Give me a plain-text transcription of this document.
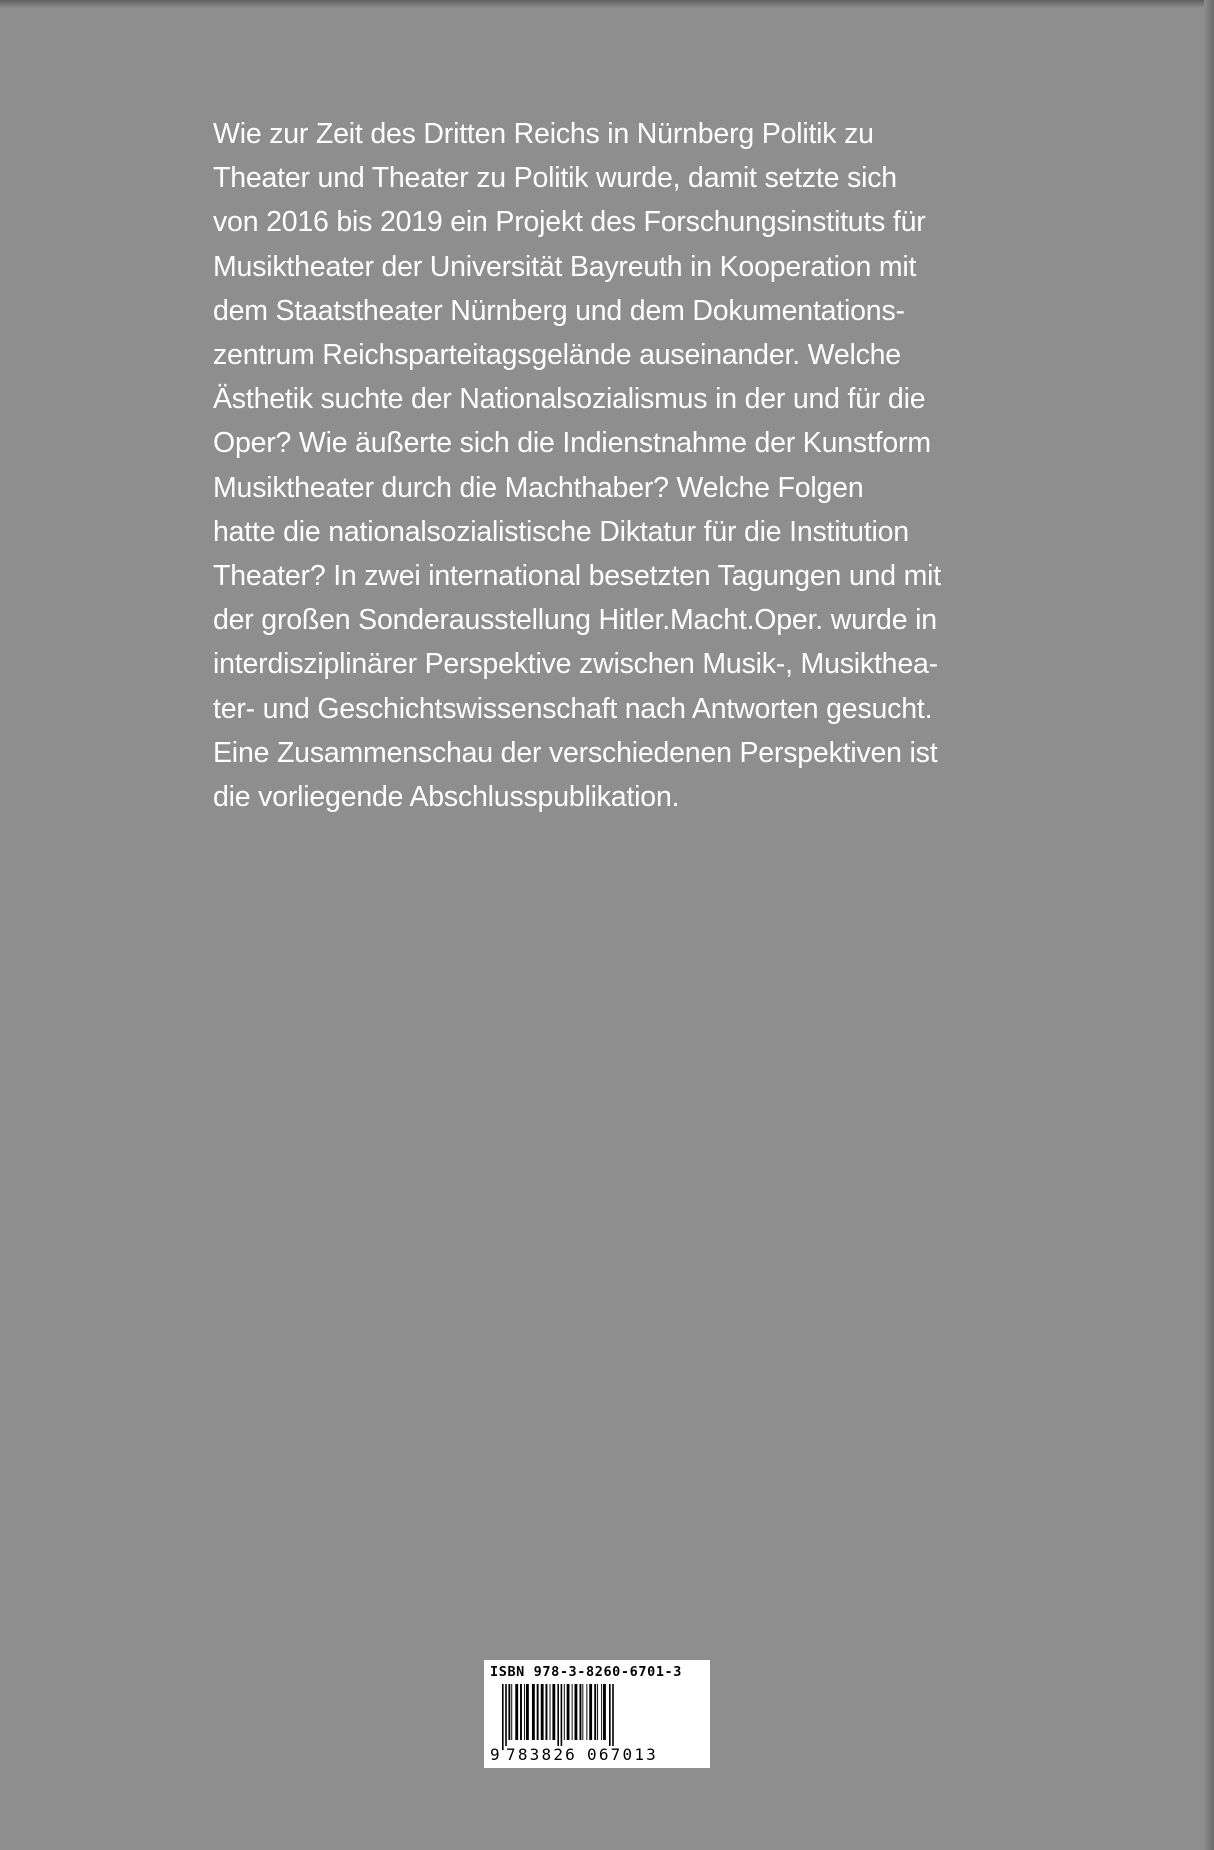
Wie zur Zeit des Dritten Reichs in Nürnberg Politik zu
Theater und Theater zu Politik wurde, damit setzte sich
von 2016 bis 2019 ein Projekt des Forschungsinstituts für
Musiktheater der Universität Bayreuth in Kooperation mit
dem Staatstheater Nürnberg und dem Dokumentations-
zentrum Reichsparteitagsgelände auseinander. Welche
Ästhetik suchte der Nationalsozialismus in der und für die
Oper? Wie äußerte sich die Indienstnahme der Kunstform
Musiktheater durch die Machthaber? Welche Folgen
hatte die nationalsozialistische Diktatur für die Institution
Theater? In zwei international besetzten Tagungen und mit
der großen Sonderausstellung Hitler.Macht.Oper. wurde in
interdisziplinärer Perspektive zwischen Musik-, Musikthea-
ter- und Geschichtswissenschaft nach Antworten gesucht.
Eine Zusammenschau der verschiedenen Perspektiven ist
die vorliegende Abschlusspublikation.

ISBN 978-3-8260-6701-3
9 783826 067013
